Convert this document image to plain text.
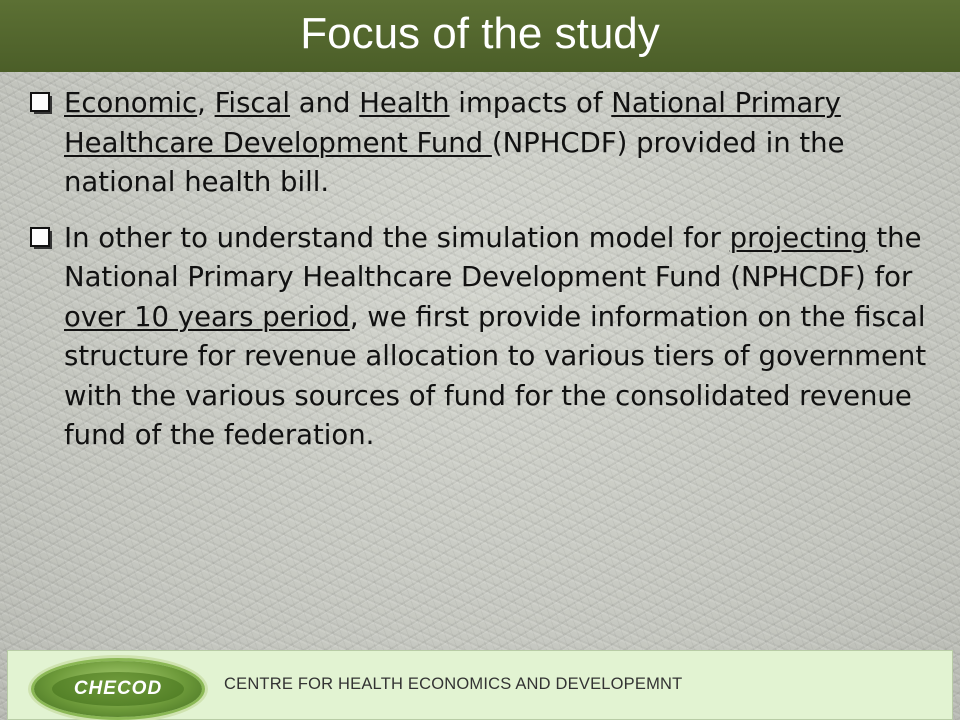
Focus of the study

Economic, Fiscal and Health impacts of National Primary Healthcare Development Fund (NPHCDF) provided in the national health bill.

In other to understand the simulation model for projecting the National Primary Healthcare Development Fund (NPHCDF) for over 10 years period, we first provide information on the fiscal structure for revenue allocation to various tiers of government with the various sources of fund for the consolidated revenue fund of the federation.

CHECOD	CENTRE FOR HEALTH ECONOMICS AND DEVELOPEMNT
